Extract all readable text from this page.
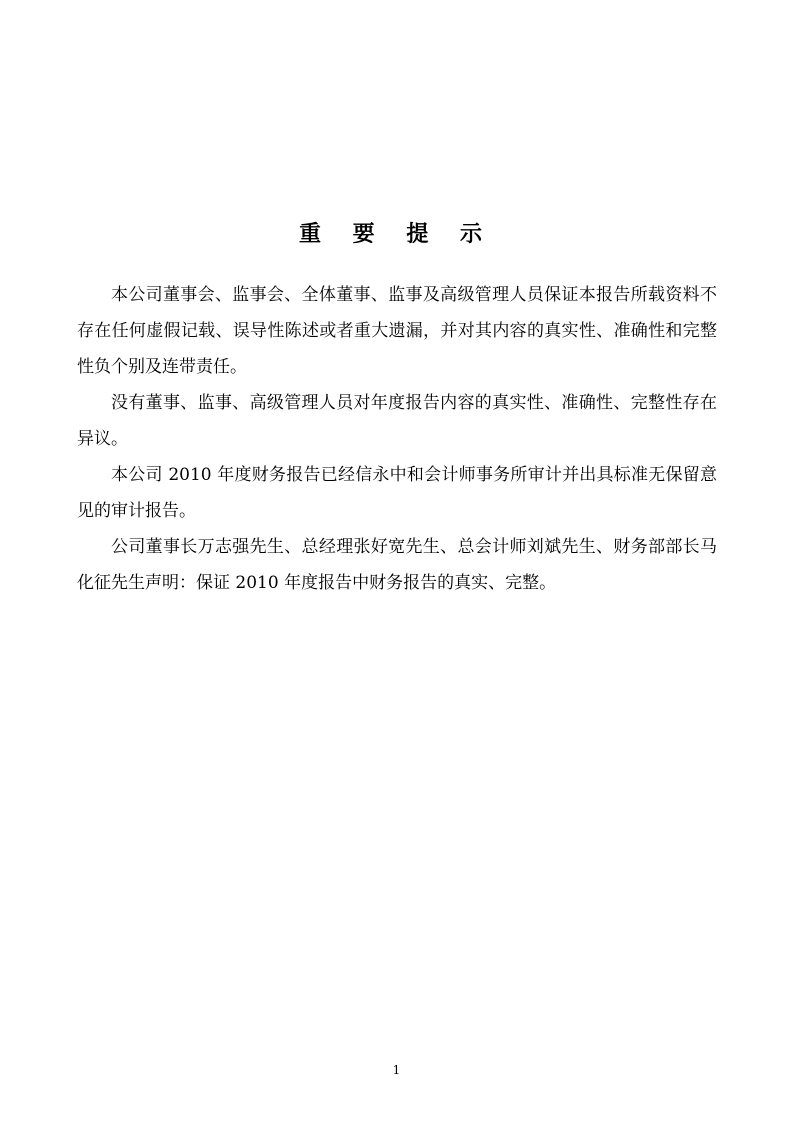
重 要 提 示

本公司董事会、监事会、全体董事、监事及高级管理人员保证本报告所载资料不存在任何虚假记载、误导性陈述或者重大遗漏，并对其内容的真实性、准确性和完整性负个别及连带责任。

没有董事、监事、高级管理人员对年度报告内容的真实性、准确性、完整性存在异议。

本公司 2010 年度财务报告已经信永中和会计师事务所审计并出具标准无保留意见的审计报告。

公司董事长万志强先生、总经理张好宽先生、总会计师刘斌先生、财务部部长马化征先生声明：保证 2010 年度报告中财务报告的真实、完整。

1
